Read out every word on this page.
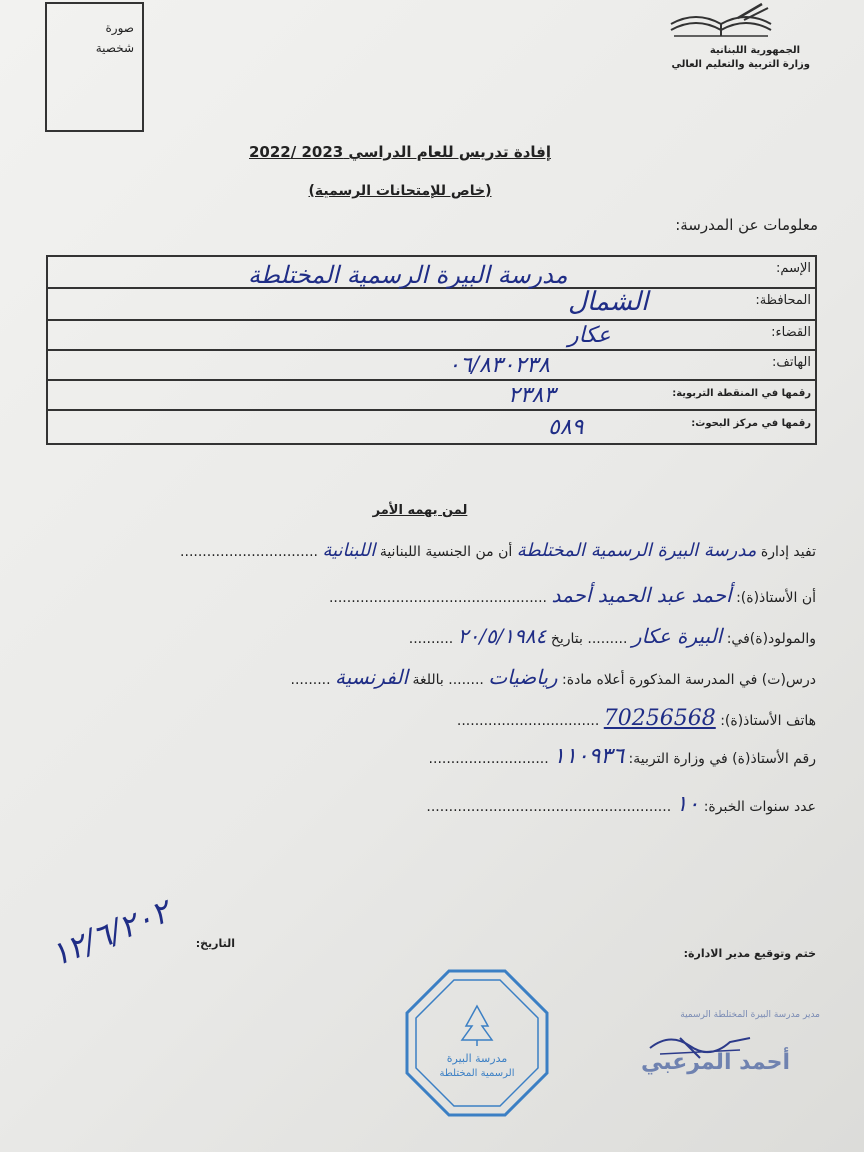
صورة
شخصية	الجمهورية اللبنانية
وزارة التربية والتعليم العالي
إفادة تدريس للعام الدراسي 2023 /2022
(خاص للإمتحانات الرسمية)
معلومات عن المدرسة:
الإسم:
مدرسة البيرة الرسمية المختلطة

المحافظة:
الشمال

القضاء:
عكار

الهاتف:
٠٦/٨٣٠٢٣٨

رقمها في المنقطة التربوية:
٢٣٨٣

رقمها في مركز البحوث:
٥٨٩
لمن يهمه الأمر
تفيد إدارة مدرسة البيرة الرسمية المختلطة أن من الجنسية اللبنانية اللبنانية ...............................
أن الأستاذ(ة): أحمد عبد الحميد أحمد .................................................
والمولود(ة)في: البيرة عكار ......... بتاريخ ٢٠/٥/١٩٨٤ ..........
درس(ت) في المدرسة المذكورة أعلاه مادة: رياضيات ........ باللغة الفرنسية .........
هاتف الأستاذ(ة): 70256568 ................................
رقم الأستاذ(ة) في وزارة التربية: ١١٠٩٣٦ ...........................
عدد سنوات الخبرة: ١٠ .......................................................
التاريخ:
١٢/٦/٢٠٢	ختم وتوقيع مدير الادارة:
مدرسة البيرة
الرسمية المختلطة
مدير مدرسة البيرة المختلطة الرسمية
أحمد المرعبي
